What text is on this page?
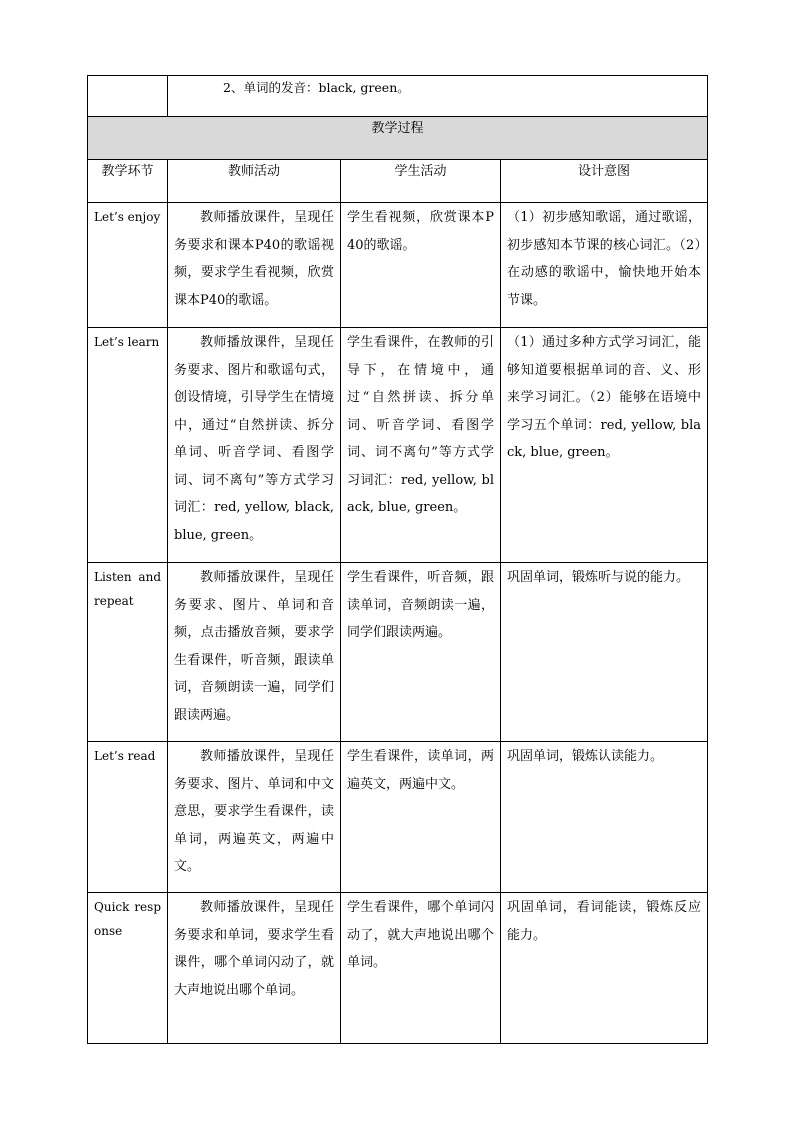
	2、单词的发音：black, green。		
教学过程			
教学环节	教师活动	学生活动	设计意图
Let’s enjoy	教师播放课件，呈现任务要求和课本P40的歌谣视频，要求学生看视频，欣赏课本P40的歌谣。	学生看视频，欣赏课本P40的歌谣。	（1）初步感知歌谣，通过歌谣，初步感知本节课的核心词汇。（2）在动感的歌谣中，愉快地开始本节课。
Let’s learn	教师播放课件，呈现任务要求、图片和歌谣句式，创设情境，引导学生在情境中，通过“自然拼读、拆分单词、听音学词、看图学词、词不离句”等方式学习词汇：red, yellow, black, blue, green。	学生看课件，在教师的引导下，在情境中，通过“自然拼读、拆分单词、听音学词、看图学词、词不离句”等方式学习词汇：red, yellow, black, blue, green。	（1）通过多种方式学习词汇，能够知道要根据单词的音、义、形来学习词汇。（2）能够在语境中学习五个单词：red, yellow, black, blue, green。
Listen and repeat	教师播放课件，呈现任务要求、图片、单词和音频，点击播放音频，要求学生看课件，听音频，跟读单词，音频朗读一遍，同学们跟读两遍。	学生看课件，听音频，跟读单词，音频朗读一遍，同学们跟读两遍。	巩固单词，锻炼听与说的能力。
Let’s read	教师播放课件，呈现任务要求、图片、单词和中文意思，要求学生看课件，读单词，两遍英文，两遍中文。	学生看课件，读单词，两遍英文，两遍中文。	巩固单词，锻炼认读能力。
Quick response	教师播放课件，呈现任务要求和单词，要求学生看课件，哪个单词闪动了，就大声地说出哪个单词。	学生看课件，哪个单词闪动了，就大声地说出哪个单词。	巩固单词，看词能读，锻炼反应能力。
